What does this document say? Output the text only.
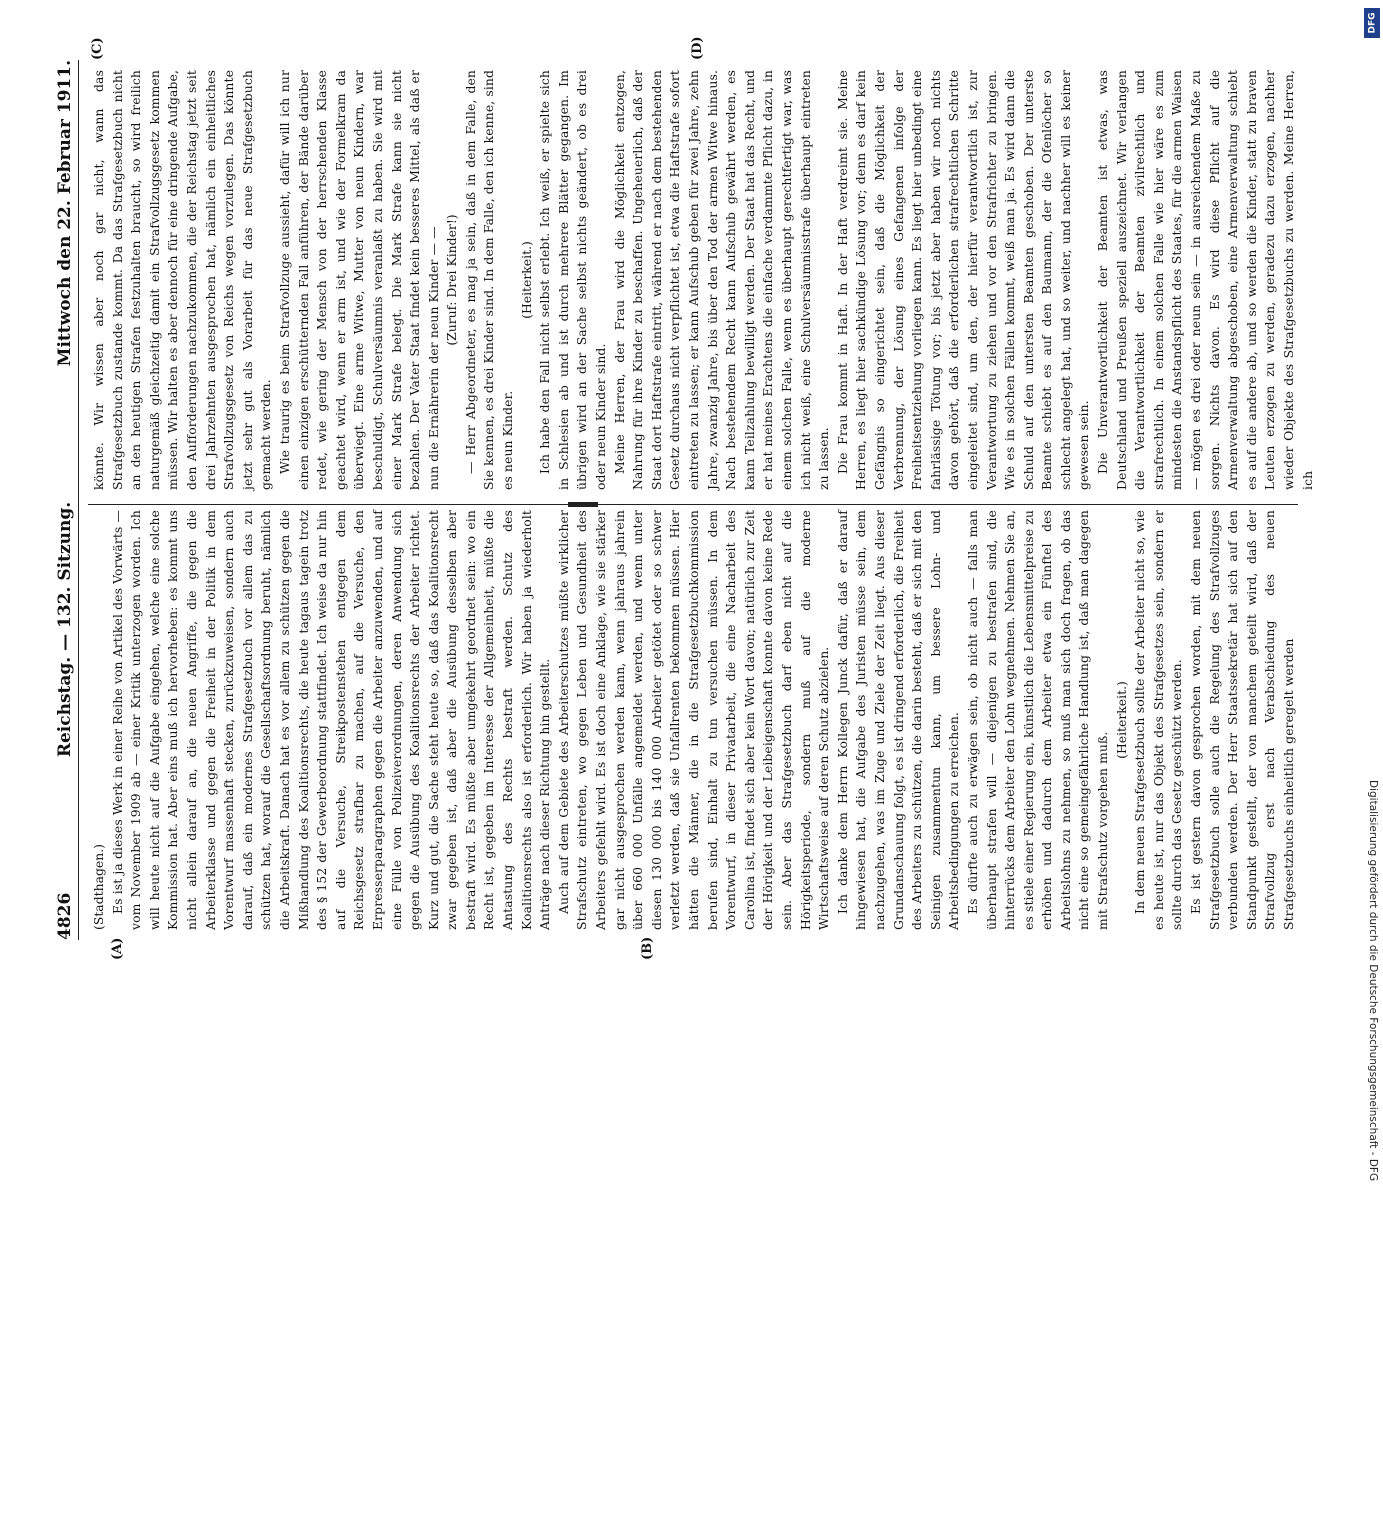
4826
Reichstag. — 132. Sitzung.
Mittwoch den 22. Februar 1911.
(A)	(B)
(C)	(D)

(Stadthagen.) Es ist ja dieses Werk in einer Reihe von Artikel des Vorwärts — vom November 1909 ab — einer Kritik unterzogen worden. Ich will heute nicht auf die Aufgabe eingehen, welche eine solche Kommission hat. Aber eins muß ich hervorheben: es kommt uns nicht allein darauf an, die neuen Angriffe, die gegen die Arbeiterklasse und gegen die Freiheit in der Politik in dem Vorentwurf massenhaft stecken, zurückzuweisen, sondern auch darauf, daß ein modernes Strafgesetzbuch vor allem das zu schützen hat, worauf die Gesellschaftsordnung beruht, nämlich die Arbeitskraft. Danach hat es vor allem zu schützen gegen die Mißhandlung des Koalitionsrechts, die heute tagaus tagein trotz des § 152 der Gewerbeordnung stattfindet. Ich weise da nur hin auf die Versuche, Streikpostenstehen entgegen dem Reichsgesetz strafbar zu machen, auf die Versuche, den Erpresserparagraphen gegen die Arbeiter anzuwenden, und auf eine Fülle von Polizeiverordnungen, deren Anwendung sich gegen die Ausübung des Koalitionsrechts der Arbeiter richtet. Kurz und gut, die Sache steht heute so, daß das Koalitionsrecht zwar gegeben ist, daß aber die Ausübung desselben aber bestraft wird. Es müßte aber umgekehrt geordnet sein: wo ein Recht ist, gegeben im Interesse der Allgemeinheit, müßte die Antastung des Rechts bestraft werden. Schutz des Koalitionsrechts also ist erforderlich. Wir haben ja wiederholt Anträge nach dieser Richtung hin gestellt. Auch auf dem Gebiete des Arbeiterschutzes müßte wirklicher Strafschutz eintreten, wo gegen Leben und Gesundheit des Arbeiters gefehlt wird. Es ist doch eine Anklage, wie sie stärker gar nicht ausgesprochen werden kann, wenn jahraus jahrein über 660 000 Unfälle angemeldet werden, und wenn unter diesen 130 000 bis 140 000 Arbeiter getötet oder so schwer verletzt werden, daß sie Unfallrenten bekommen müssen. Hier hätten die Männer, die in die Strafgesetzbuchkommission berufen sind, Einhalt zu tun versuchen müssen. In dem Vorentwurf, in dieser Privatarbeit, die eine Nacharbeit des Carolina ist, findet sich aber kein Wort davon; natürlich zur Zeit der Hörigkeit und der Leibeigenschaft konnte davon keine Rede sein. Aber das Strafgesetzbuch darf eben nicht auf die Hörigkeitsperiode, sondern muß auf die moderne Wirtschaftsweise auf deren Schutz abzielen. Ich danke dem Herrn Kollegen Junck dafür, daß er darauf hingewiesen hat, die Aufgabe des Juristen müsse sein, dem nachzugehen, was im Zuge und Ziele der Zeit liegt. Aus dieser Grundanschauung folgt, es ist dringend erforderlich, die Freiheit des Arbeiters zu schützen, die darin besteht, daß er sich mit den Seinigen zusammentun kann, um bessere Lohn- und Arbeitsbedingungen zu erreichen. Es dürfte auch zu erwägen sein, ob nicht auch — falls man überhaupt strafen will — diejenigen zu bestrafen sind, die hinterrücks dem Arbeiter den Lohn wegnehmen. Nehmen Sie an, es stiele einer Regierung ein, künstlich die Lebensmittelpreise zu erhöhen und dadurch dem Arbeiter etwa ein Fünftel des Arbeitslohns zu nehmen, so muß man sich doch fragen, ob das nicht eine so gemeingefährliche Handlung ist, daß man dagegen mit Strafschutz vorgehen muß.

(Heiterkeit.) In dem neuen Strafgesetzbuch sollte der Arbeiter nicht so, wie es heute ist, nur das Objekt des Strafgesetzes sein, sondern er sollte durch das Gesetz geschützt werden. Es ist gestern davon gesprochen worden, mit dem neuen Strafgesetzbuch solle auch die Regelung des Strafvollzuges verbunden werden. Der Herr Staatssekretär hat sich auf den Standpunkt gestellt, der von manchem geteilt wird, daß der Strafvollzug erst nach Verabschiedung des neuen Strafgesetzbuchs einheitlich geregelt werden

könnte. Wir wissen aber noch gar nicht, wann das Strafgesetzbuch zustande kommt. Da das Strafgesetzbuch nicht an den heutigen Strafen festzuhalten braucht, so wird freilich naturgemäß gleichzeitig damit ein Strafvollzugsgesetz kommen müssen. Wir halten es aber dennoch für eine dringende Aufgabe, den Aufforderungen nachzukommen, die der Reichstag jetzt seit drei Jahrzehnten ausgesprochen hat, nämlich ein einheitliches Strafvollzugsgesetz von Reichs wegen vorzulegen. Das könnte jetzt sehr gut als Vorarbeit für das neue Strafgesetzbuch gemacht werden. Wie traurig es beim Strafvollzuge aussieht, dafür will ich nur einen einzigen erschütternden Fall anführen, der Bände darüber redet, wie gering der Mensch von der herrschenden Klasse geachtet wird, wenn er arm ist, und wie der Formelkram da überwiegt. Eine arme Witwe, Mutter von neun Kindern, war beschuldigt, Schulversäumnis veranlaßt zu haben. Sie wird mit einer Mark Strafe belegt. Die Mark Strafe kann sie nicht bezahlen. Der Vater Staat findet kein besseres Mittel, als daß er nun die Ernährerin der neun Kinder — — (Zuruf: Drei Kinder!) — Herr Abgeordneter, es mag ja sein, daß in dem Falle, den Sie kennen, es drei Kinder sind. In dem Falle, den ich kenne, sind es neun Kinder.

(Heiterkeit.) Ich habe den Fall nicht selbst erlebt. Ich weiß, er spielte sich in Schlesien ab und ist durch mehrere Blätter gegangen. Im übrigen wird an der Sache selbst nichts geändert, ob es drei oder neun Kinder sind. Meine Herren, der Frau wird die Möglichkeit entzogen, Nahrung für ihre Kinder zu beschaffen. Ungeheuerlich, daß der Staat dort Haftstrafe eintritt, während er nach dem bestehenden Gesetz durchaus nicht verpflichtet ist, etwa die Haftstrafe sofort eintreten zu lassen; er kann Aufschub geben für zwei Jahre, zehn Jahre, zwanzig Jahre, bis über den Tod der armen Witwe hinaus. Nach bestehendem Recht kann Aufschub gewährt werden, es kann Teilzahlung bewilligt werden. Der Staat hat das Recht, und er hat meines Erachtens die einfache verdammte Pflicht dazu, in einem solchen Falle, wenn es überhaupt gerechtfertigt war, was ich nicht weiß, eine Schulversäumnisstrafe überhaupt eintreten zu lassen. Die Frau kommt in Haft. In der Haft verdreimt sie. Meine Herren, es liegt hier sachkündige Lösung vor; denn es darf kein Gefängnis so eingerichtet sein, daß die Möglichkeit der Verbrennung, der Lösung eines Gefangenen infolge der Freiheitsentziehung vorliegen kann. Es liegt hier unbedingt eine fahrlässige Tötung vor; bis jetzt aber haben wir noch nichts davon gehört, daß die erforderlichen strafrechtlichen Schritte eingeleitet sind, um den, der hierfür verantwortlich ist, zur Verantwortung zu ziehen und vor den Strafrichter zu bringen. Wie es in solchen Fällen kommt, weiß man ja. Es wird dann die Schuld auf den untersten Beamten geschoben. Der unterste Beamte schiebt es auf den Baumann, der die Ofenlöcher so schlecht angelegt hat, und so weiter, und nachher will es keiner gewesen sein. Die Unverantwortlichkeit der Beamten ist etwas, was Deutschland und Preußen speziell auszeichnet. Wir verlangen die Verantwortlichkeit der Beamten zivilrechtlich und strafrechtlich. In einem solchen Falle wie hier wäre es zum mindesten die Anstandspflicht des Staates, für die armen Waisen — mögen es drei oder neun sein — in ausreichendem Maße zu sorgen. Nichts davon. Es wird diese Pflicht auf die Armenverwaltung abgeschoben, eine Armenverwaltung schiebt es auf die andere ab, und so werden die Kinder, statt zu braven Leuten erzogen zu werden, geradezu dazu erzogen, nachher wieder Objekte des Strafgesetzbuchs zu werden. Meine Herren, ich

DFG
Digitalisierung gefördert durch die Deutsche Forschungsgemeinschaft - DFG
